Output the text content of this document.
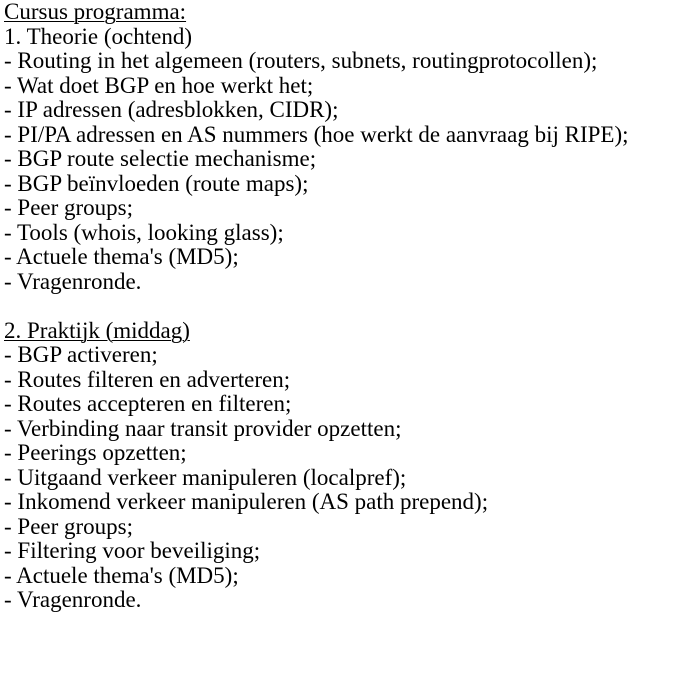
Cursus programma:
1. Theorie (ochtend)
- Routing in het algemeen (routers, subnets, routingprotocollen);
- Wat doet BGP en hoe werkt het;
- IP adressen (adresblokken, CIDR);
- PI/PA adressen en AS nummers (hoe werkt de aanvraag bij RIPE);
- BGP route selectie mechanisme;
- BGP beïnvloeden (route maps);
- Peer groups;
- Tools (whois, looking glass);
- Actuele thema's (MD5);
- Vragenronde.
2. Praktijk (middag)
- BGP activeren;
- Routes filteren en adverteren;
- Routes accepteren en filteren;
- Verbinding naar transit provider opzetten;
- Peerings opzetten;
- Uitgaand verkeer manipuleren (localpref);
- Inkomend verkeer manipuleren (AS path prepend);
- Peer groups;
- Filtering voor beveiliging;
- Actuele thema's (MD5);
- Vragenronde.
